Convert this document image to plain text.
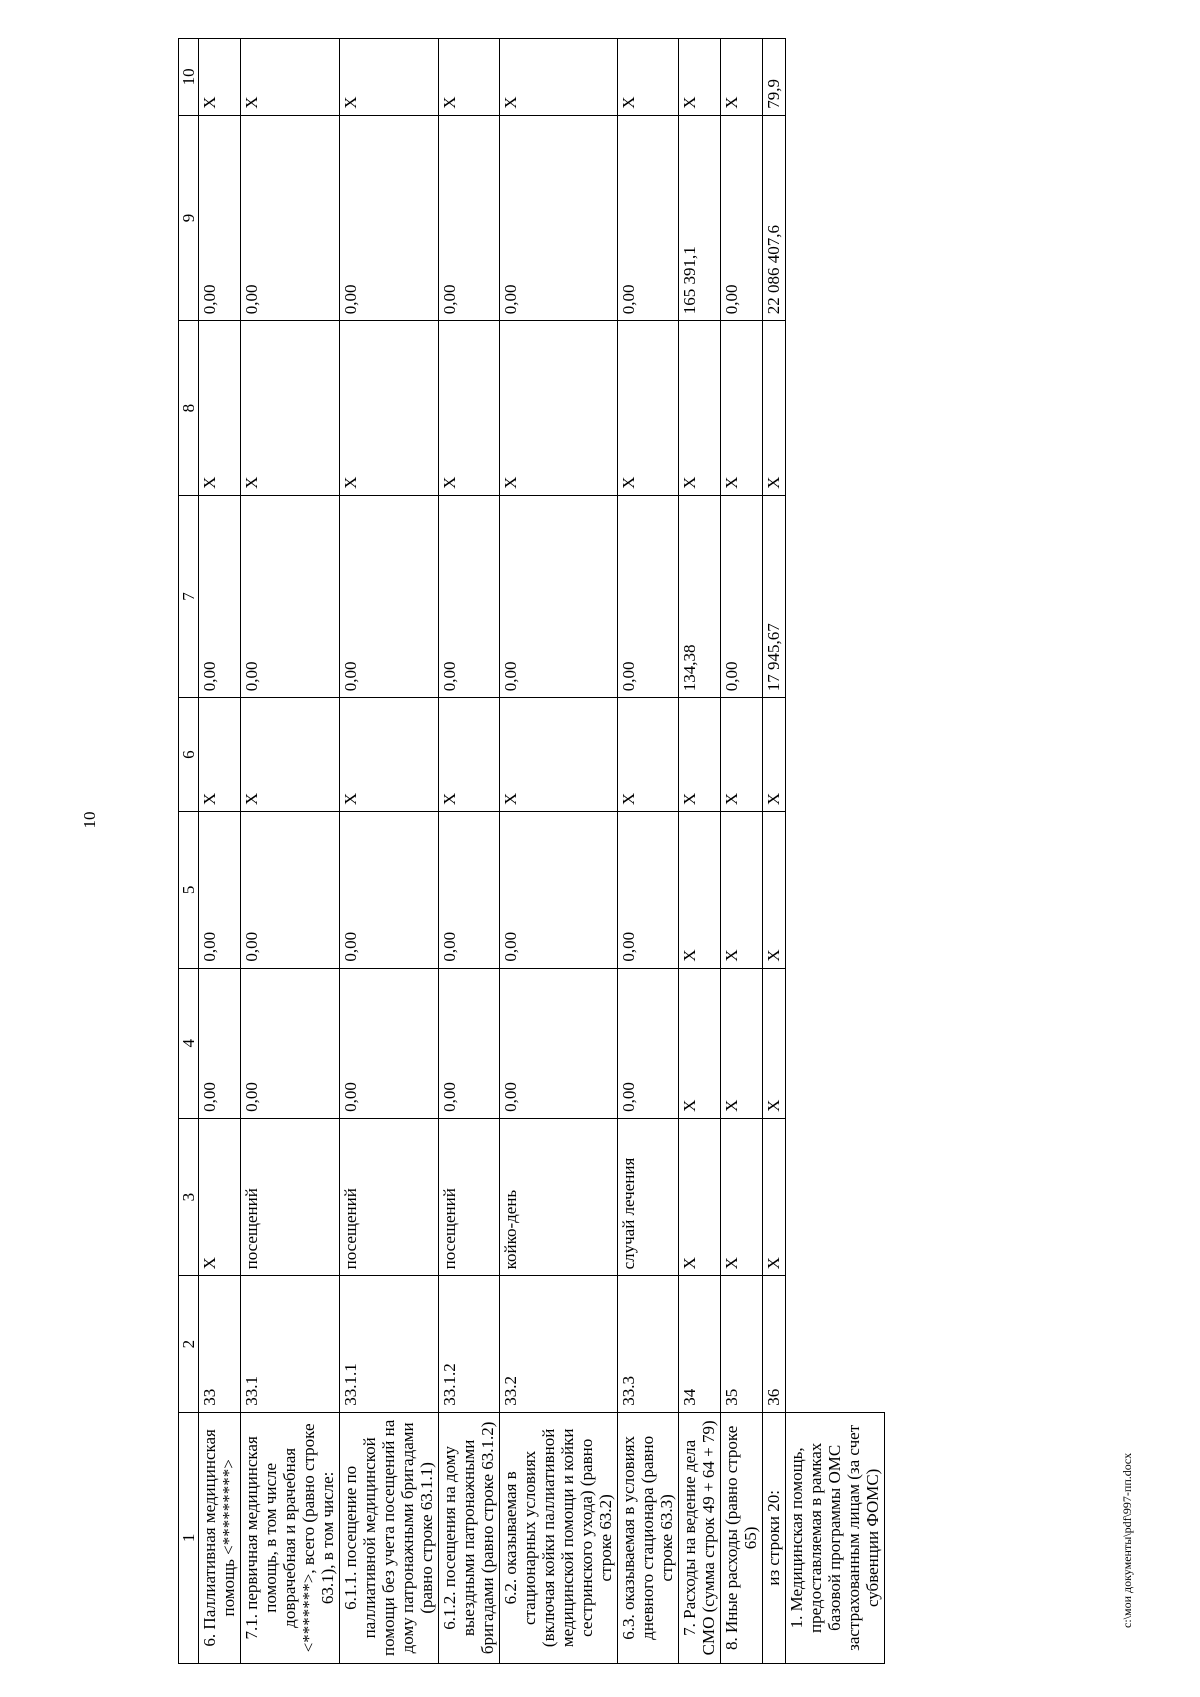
10
1	2	3	4	5	6	7	8	9	10
6. Паллиативная медицинская помощь <*********>	33	Х	0,00	0,00	Х	0,00	Х	0,00	Х
7.1. первичная медицинская помощь, в том числе доврачебная и врачебная <*******>, всего (равно строке 63.1), в том числе:	33.1	посещений	0,00	0,00	Х	0,00	Х	0,00	Х
6.1.1. посещение по паллиативной медицинской помощи без учета посещений на дому патронажными бригадами (равно строке 63.1.1)	33.1.1	посещений	0,00	0,00	Х	0,00	Х	0,00	Х
6.1.2. посещения на дому выездными патронажными бригадами (равно строке 63.1.2)	33.1.2	посещений	0,00	0,00	Х	0,00	Х	0,00	Х
6.2. оказываемая в стационарных условиях (включая койки паллиативной медицинской помощи и койки сестринского ухода) (равно строке 63.2)	33.2	койко-день	0,00	0,00	Х	0,00	Х	0,00	Х
6.3. оказываемая в условиях дневного стационара (равно строке 63.3)	33.3	случай лечения	0,00	0,00	Х	0,00	Х	0,00	Х
7. Расходы на ведение дела СМО (сумма строк 49 + 64 + 79)	34	Х	Х	Х	Х	134,38	Х	165 391,1	Х
8. Иные расходы (равно строке 65)	35	Х	Х	Х	Х	0,00	Х	0,00	Х
из строки 20:	36	Х	Х	Х	Х	17 945,67	Х	22 086 407,6	79,9
1. Медицинская помощь, предоставляемая в рамках базовой программы ОМС застрахованным лицам (за счет субвенции ФОМС)										c:\мои документы\pdf\997-пп.docx
